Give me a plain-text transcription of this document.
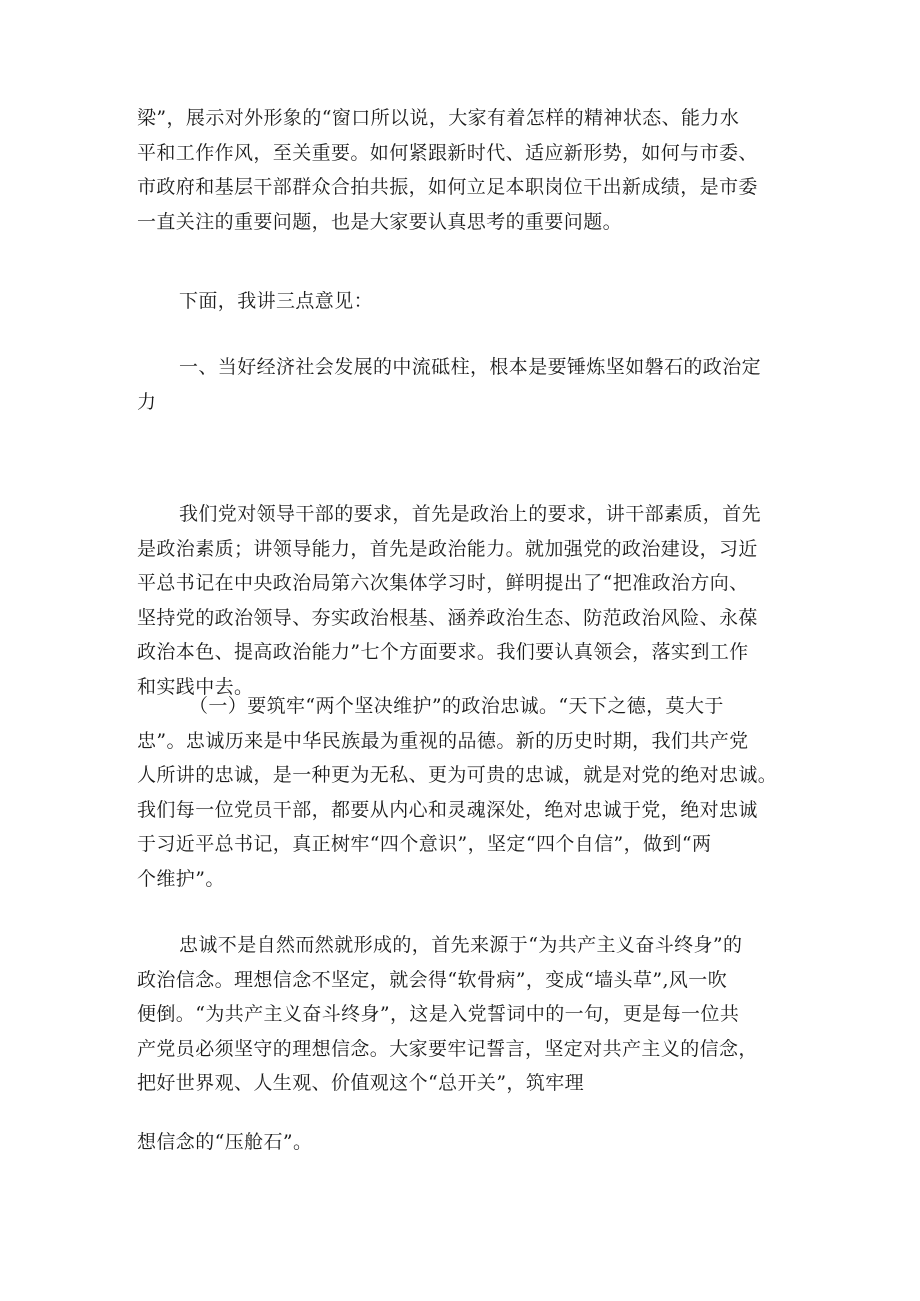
梁”，展示对外形象的“窗口所以说，大家有着怎样的精神状态、能力水
平和工作作风，至关重要。如何紧跟新时代、适应新形势，如何与市委、
市政府和基层干部群众合拍共振，如何立足本职岗位干出新成绩，是市委
一直关注的重要问题，也是大家要认真思考的重要问题。
下面，我讲三点意见：
一、当好经济社会发展的中流砥柱，根本是要锤炼坚如磐石的政治定
力
我们党对领导干部的要求，首先是政治上的要求，讲干部素质，首先
是政治素质；讲领导能力，首先是政治能力。就加强党的政治建设，习近
平总书记在中央政治局第六次集体学习时，鲜明提出了“把准政治方向、
坚持党的政治领导、夯实政治根基、涵养政治生态、防范政治风险、永葆
政治本色、提高政治能力”七个方面要求。我们要认真领会，落实到工作
和实践中去。
（一）要筑牢“两个坚决维护”的政治忠诚。“天下之德，莫大于
忠”。忠诚历来是中华民族最为重视的品德。新的历史时期，我们共产党
人所讲的忠诚，是一种更为无私、更为可贵的忠诚，就是对党的绝对忠诚。
我们每一位党员干部，都要从内心和灵魂深处，绝对忠诚于党，绝对忠诚
于习近平总书记，真正树牢“四个意识”，坚定“四个自信”，做到“两
个维护”。
忠诚不是自然而然就形成的，首先来源于“为共产主义奋斗终身”的
政治信念。理想信念不坚定，就会得“软骨病”，变成“墙头草”,风一吹
便倒。“为共产主义奋斗终身”，这是入党誓词中的一句，更是每一位共
产党员必须坚守的理想信念。大家要牢记誓言，坚定对共产主义的信念，
把好世界观、人生观、价值观这个“总开关”，筑牢理
想信念的“压舱石”。
